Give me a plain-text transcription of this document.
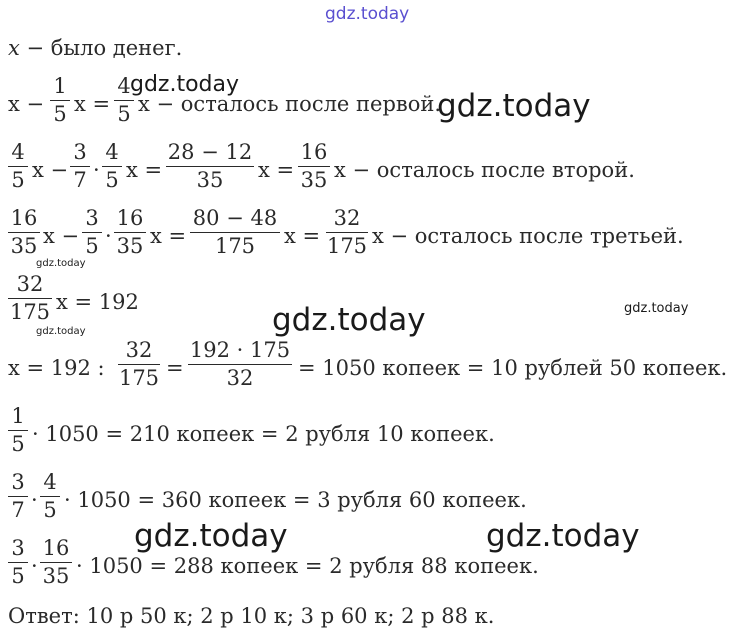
gdz.today
gdz.today
gdz.today
gdz.today
gdz.today	gdz.today	gdz.today
gdz.today	gdz.today
x − было денег.
x −
1
5 x =
4
5 x − осталось после первой.
4
5 x −
3
7 ·
4
5 x =
28 − 12
35	x =
16
35 x − осталось после второй.
16
35 x −
3
5 ·
16
35 x =
80 − 48
175	x =
32
175 x − осталось после третьей.
32
175 x = 192
x = 192 :
32
175 =
192 · 175
32	= 1050 копеек = 10 рублей 50 копеек.
1
5 · 1050 = 210 копеек = 2 рубля 10 копеек.
3
7 ·
4
5 · 1050 = 360 копеек = 3 рубля 60 копеек.
3
5 ·
16
35 · 1050 = 288 копеек = 2 рубля 88 копеек.
Ответ: 10 р 50 к; 2 р 10 к; 3 р 60 к; 2 р 88 к.
